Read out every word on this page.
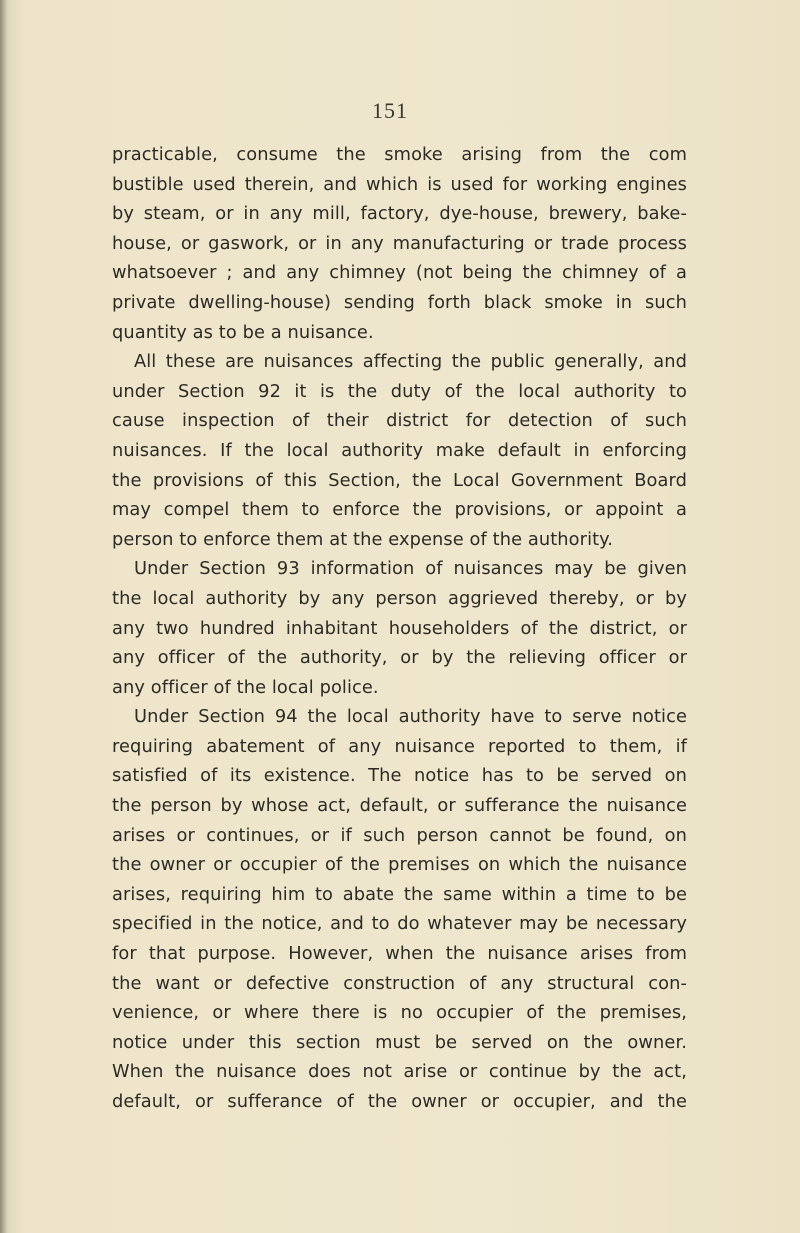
151
practicable, consume the smoke arising from the com
bustible used therein, and which is used for working engines
by steam, or in any mill, factory, dye-house, brewery, bake-
house, or gaswork, or in any manufacturing or trade process
whatsoever ; and any chimney (not being the chimney of a
private dwelling-house) sending forth black smoke in such
quantity as to be a nuisance.
All these are nuisances affecting the public generally, and
under Section 92 it is the duty of the local authority to
cause inspection of their district for detection of such
nuisances. If the local authority make default in enforcing
the provisions of this Section, the Local Government Board
may compel them to enforce the provisions, or appoint a
person to enforce them at the expense of the authority.
Under Section 93 information of nuisances may be given
the local authority by any person aggrieved thereby, or by
any two hundred inhabitant householders of the district, or
any officer of the authority, or by the relieving officer or
any officer of the local police.
Under Section 94 the local authority have to serve notice
requiring abatement of any nuisance reported to them, if
satisfied of its existence. The notice has to be served on
the person by whose act, default, or sufferance the nuisance
arises or continues, or if such person cannot be found, on
the owner or occupier of the premises on which the nuisance
arises, requiring him to abate the same within a time to be
specified in the notice, and to do whatever may be necessary
for that purpose. However, when the nuisance arises from
the want or defective construction of any structural con-
venience, or where there is no occupier of the premises,
notice under this section must be served on the owner.
When the nuisance does not arise or continue by the act,
default, or sufferance of the owner or occupier, and the
